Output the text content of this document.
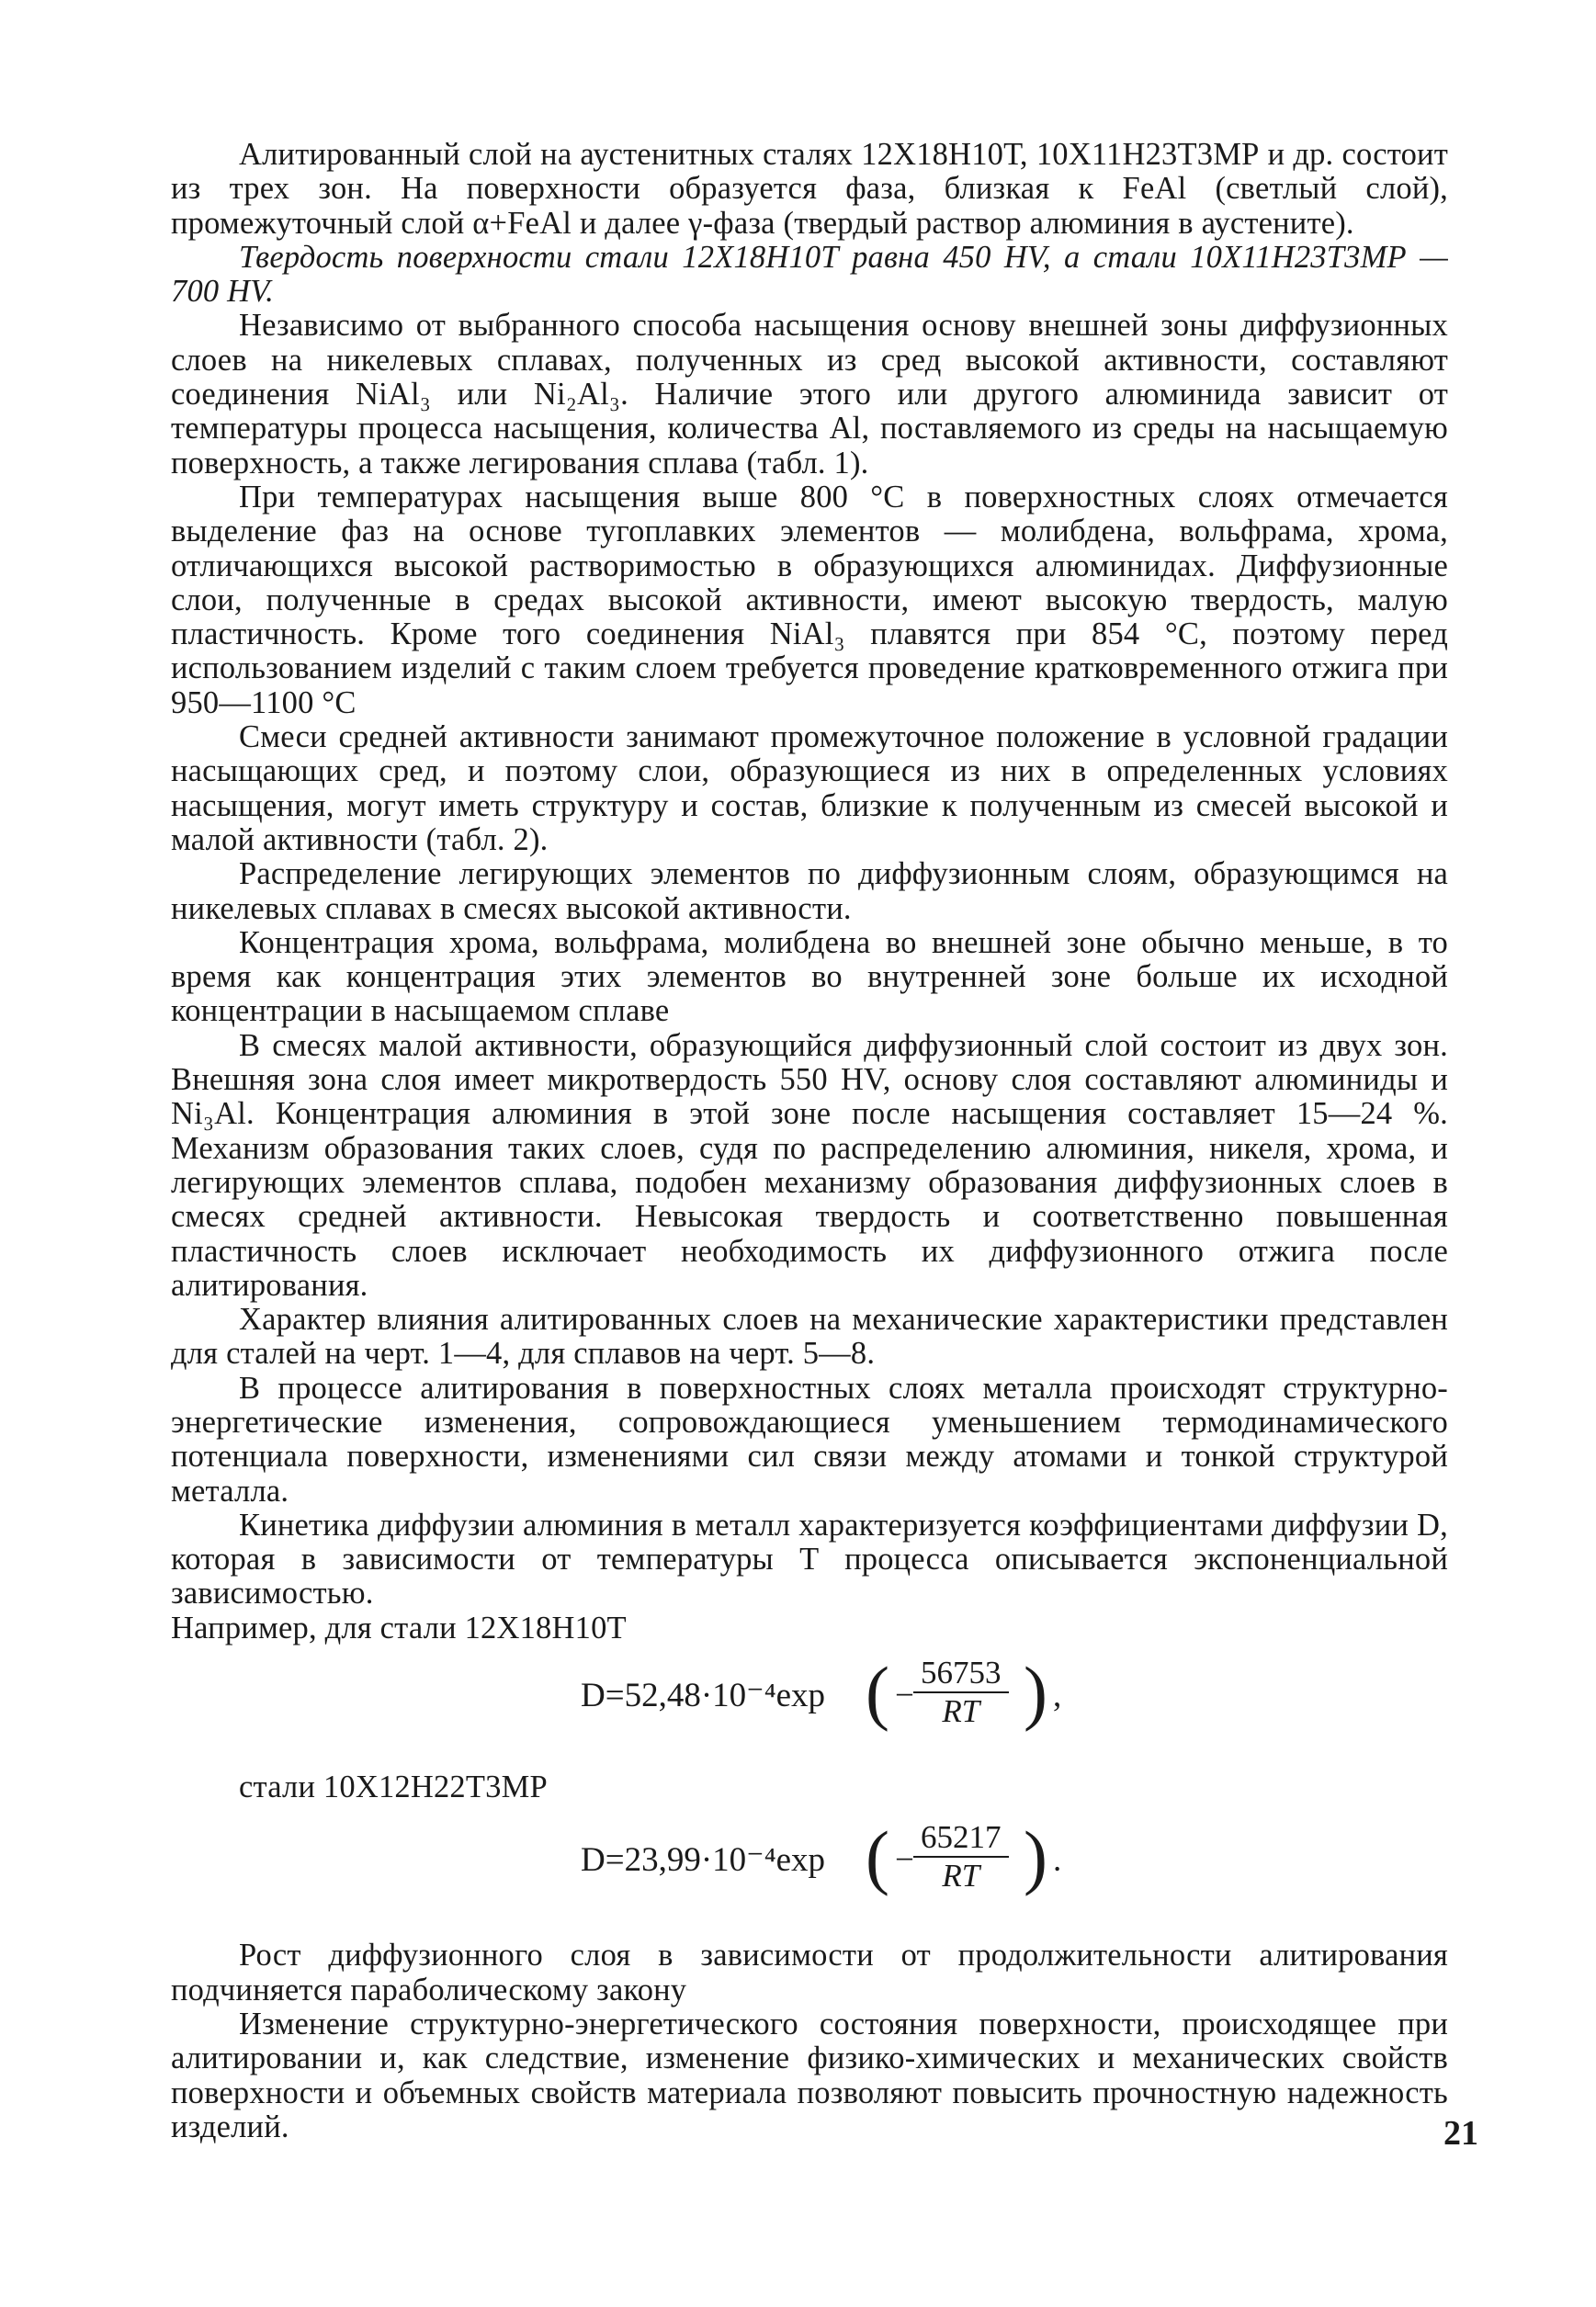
Алитированный слой на аустенитных сталях 12Х18Н10Т, 10Х11Н23Т3МР и др. состоит из трех зон. На поверхности образуется фаза, близкая к FeAl (светлый слой), промежуточный слой α+FeAl и далее γ-фаза (твердый раствор алюминия в аустените).

Твердость поверхности стали 12Х18Н10Т равна 450 HV, а стали 10Х11Н23Т3МР — 700 HV.

Независимо от выбранного способа насыщения основу внешней зоны диффузионных слоев на никелевых сплавах, полученных из сред высокой активности, составляют соединения NiAl₃ или Ni₂Al₃. Наличие этого или другого алюминида зависит от температуры процесса насыщения, количества Al, поставляемого из среды на насыщаемую поверхность, а также легирования сплава (табл. 1).

При температурах насыщения выше 800 °С в поверхностных слоях отмечается выделение фаз на основе тугоплавких элементов — молибдена, вольфрама, хрома, отличающихся высокой растворимостью в образующихся алюминидах. Диффузионные слои, полученные в средах высокой активности, имеют высокую твердость, малую пластичность. Кроме того соединения NiAl₃ плавятся при 854 °С, поэтому перед использованием изделий с таким слоем требуется проведение кратковременного отжига при 950—1100 °С

Смеси средней активности занимают промежуточное положение в условной градации насыщающих сред, и поэтому слои, образующиеся из них в определенных условиях насыщения, могут иметь структуру и состав, близкие к полученным из смесей высокой и малой активности (табл. 2).

Распределение легирующих элементов по диффузионным слоям, образующимся на никелевых сплавах в смесях высокой активности.

Концентрация хрома, вольфрама, молибдена во внешней зоне обычно меньше, в то время как концентрация этих элементов во внутренней зоне больше их исходной концентрации в насыщаемом сплаве

В смесях малой активности, образующийся диффузионный слой состоит из двух зон. Внешняя зона слоя имеет микротвердость 550 HV, основу слоя составляют алюминиды и Ni₃Al. Концентрация алюминия в этой зоне после насыщения составляет 15—24 %. Механизм образования таких слоев, судя по распределению алюминия, никеля, хрома, и легирующих элементов сплава, подобен механизму образования диффузионных слоев в смесях средней активности. Невысокая твердость и соответственно повышенная пластичность слоев исключает необходимость их диффузионного отжига после алитирования.

Характер влияния алитированных слоев на механические характеристики представлен для сталей на черт. 1—4, для сплавов на черт. 5—8.

В процессе алитирования в поверхностных слоях металла происходят структурно-энергетические изменения, сопровождающиеся уменьшением термодинамического потенциала поверхности, изменениями сил связи между атомами и тонкой структурой металла.

Кинетика диффузии алюминия в металл характеризуется коэффициентами диффузии D, которая в зависимости от температуры T процесса описывается экспоненциальной зависимостью.

Например, для стали 12Х18Н10Т

D=52,48·10⁻⁴exp ( − $\frac{56753}{RT}$ ) ,

стали 10Х12Н22Т3МР

D=23,99·10⁻⁴exp ( − $\frac{65217}{RT}$ ) .

Рост диффузионного слоя в зависимости от продолжительности алитирования подчиняется параболическому закону

Изменение структурно-энергетического состояния поверхности, происходящее при алитировании и, как следствие, изменение физико-химических и механических свойств поверхности и объемных свойств материала позволяют повысить прочностную надежность изделий.	21
